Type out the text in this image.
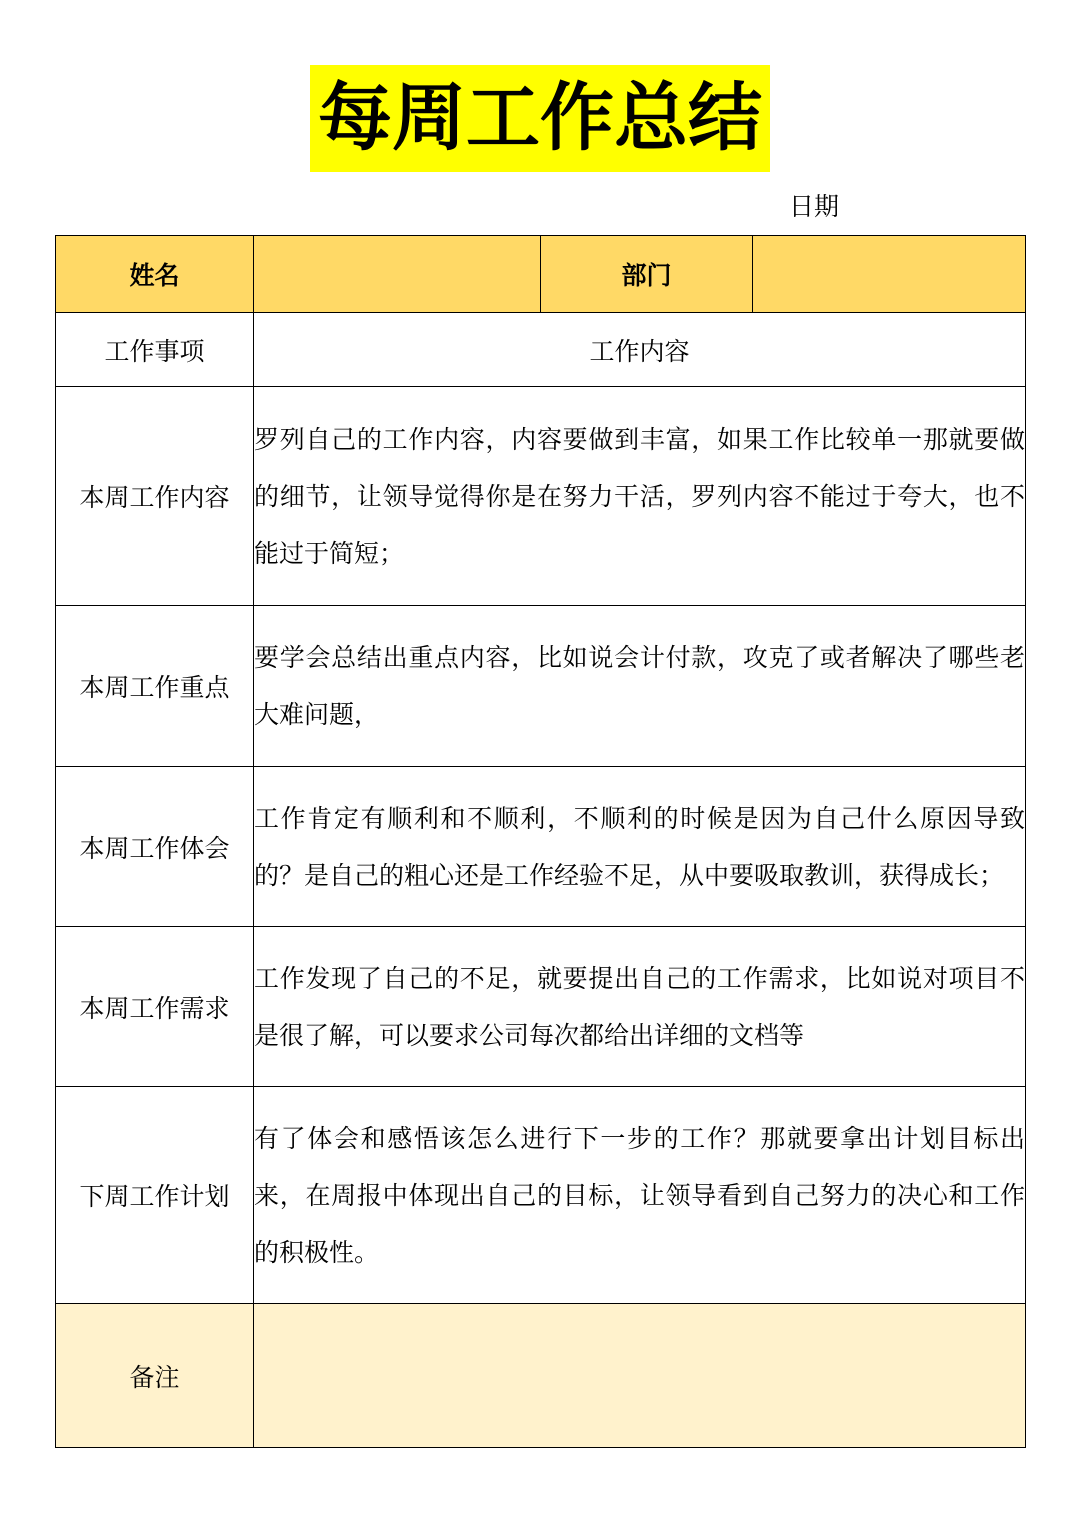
每周工作总结
日期
姓名		部门	
工作事项	工作内容		
本周工作内容	罗列自己的工作内容，内容要做到丰富，如果工作比较单一那就要做的细节，让领导觉得你是在努力干活，罗列内容不能过于夸大，也不能过于简短；		
本周工作重点	要学会总结出重点内容，比如说会计付款，攻克了或者解决了哪些老大难问题，		
本周工作体会	工作肯定有顺利和不顺利，不顺利的时候是因为自己什么原因导致的？是自己的粗心还是工作经验不足，从中要吸取教训，获得成长；		
本周工作需求	工作发现了自己的不足，就要提出自己的工作需求，比如说对项目不是很了解，可以要求公司每次都给出详细的文档等		
下周工作计划	有了体会和感悟该怎么进行下一步的工作？那就要拿出计划目标出来，在周报中体现出自己的目标，让领导看到自己努力的决心和工作的积极性。		
备注			
